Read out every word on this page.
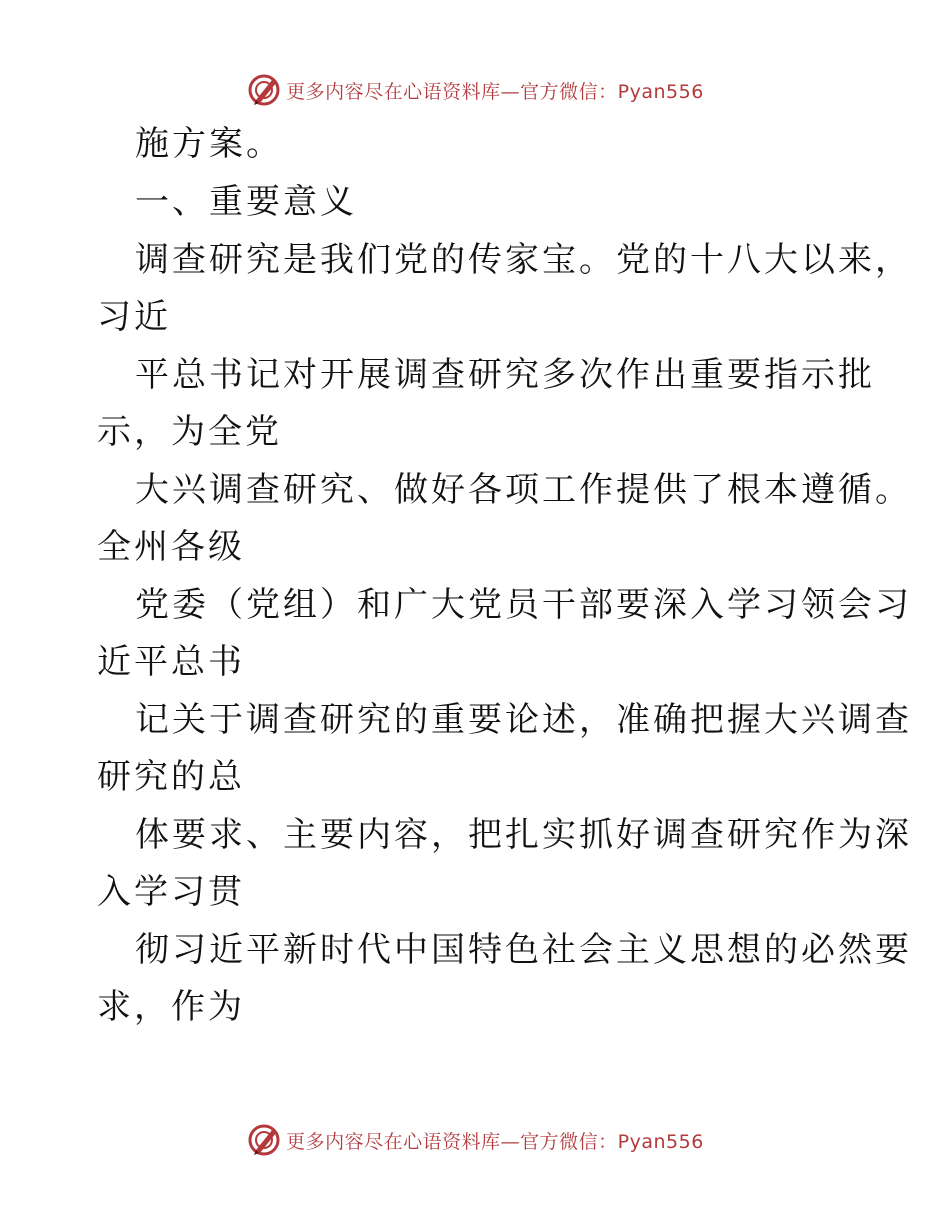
更多内容尽在心语资料库—官方微信：Pyan556
施方案。
一、重要意义
调查研究是我们党的传家宝。党的十八大以来，
习近
平总书记对开展调查研究多次作出重要指示批
示，为全党
大兴调查研究、做好各项工作提供了根本遵循。
全州各级
党委（党组）和广大党员干部要深入学习领会习
近平总书
记关于调查研究的重要论述，准确把握大兴调查
研究的总
体要求、主要内容，把扎实抓好调查研究作为深
入学习贯
彻习近平新时代中国特色社会主义思想的必然要
求，作为
更多内容尽在心语资料库—官方微信：Pyan556
